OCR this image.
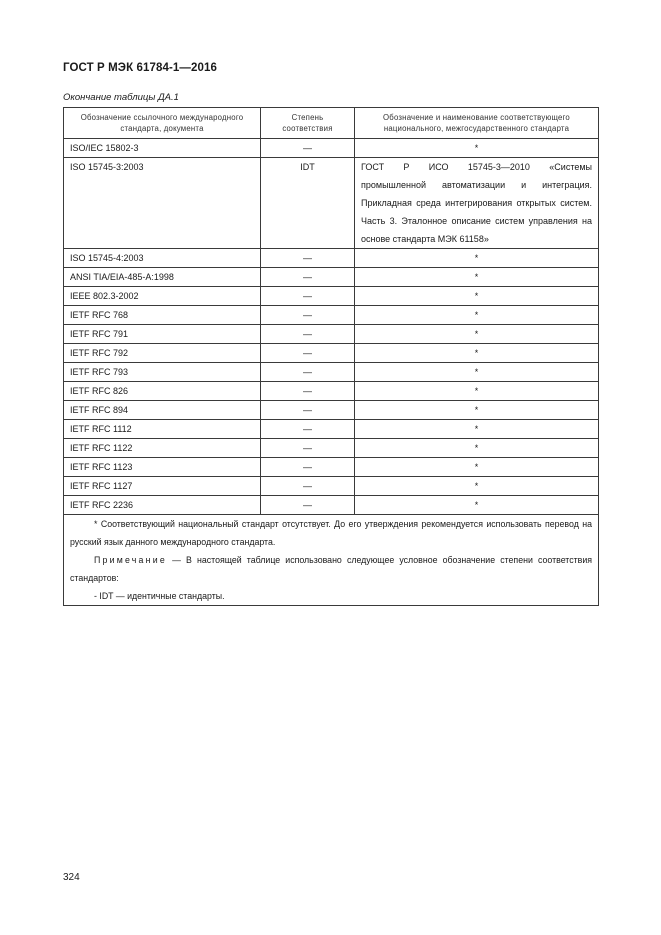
ГОСТ Р МЭК 61784-1—2016
Окончание таблицы ДА.1
Обозначение ссылочного международного стандарта, документа	Степень соответствия	Обозначение и наименование соответствующего национального, межгосударственного стандарта
ISO/IEC 15802-3	—	*
ISO 15745-3:2003	IDT	ГОСТ Р ИСО 15745-3—2010 «Системы промышленной автоматизации и интеграция. Прикладная среда интегрирования открытых систем. Часть 3. Эталонное описание систем управления на основе стандарта МЭК 61158»
ISO 15745-4:2003	—	*
ANSI TIA/EIA-485-A:1998	—	*
IEEE 802.3-2002	—	*
IETF RFC 768	—	*
IETF RFC 791	—	*
IETF RFC 792	—	*
IETF RFC 793	—	*
IETF RFC 826	—	*
IETF RFC 894	—	*
IETF RFC 1112	—	*
IETF RFC 1122	—	*
IETF RFC 1123	—	*
IETF RFC 1127	—	*
IETF RFC 2236	—	*

* Соответствующий национальный стандарт отсутствует. До его утверждения рекомендуется использовать перевод на русский язык данного международного стандарта.
Примечание — В настоящей таблице использовано следующее условное обозначение степени соответствия стандартов:
- IDT — идентичные стандарты.		
324
